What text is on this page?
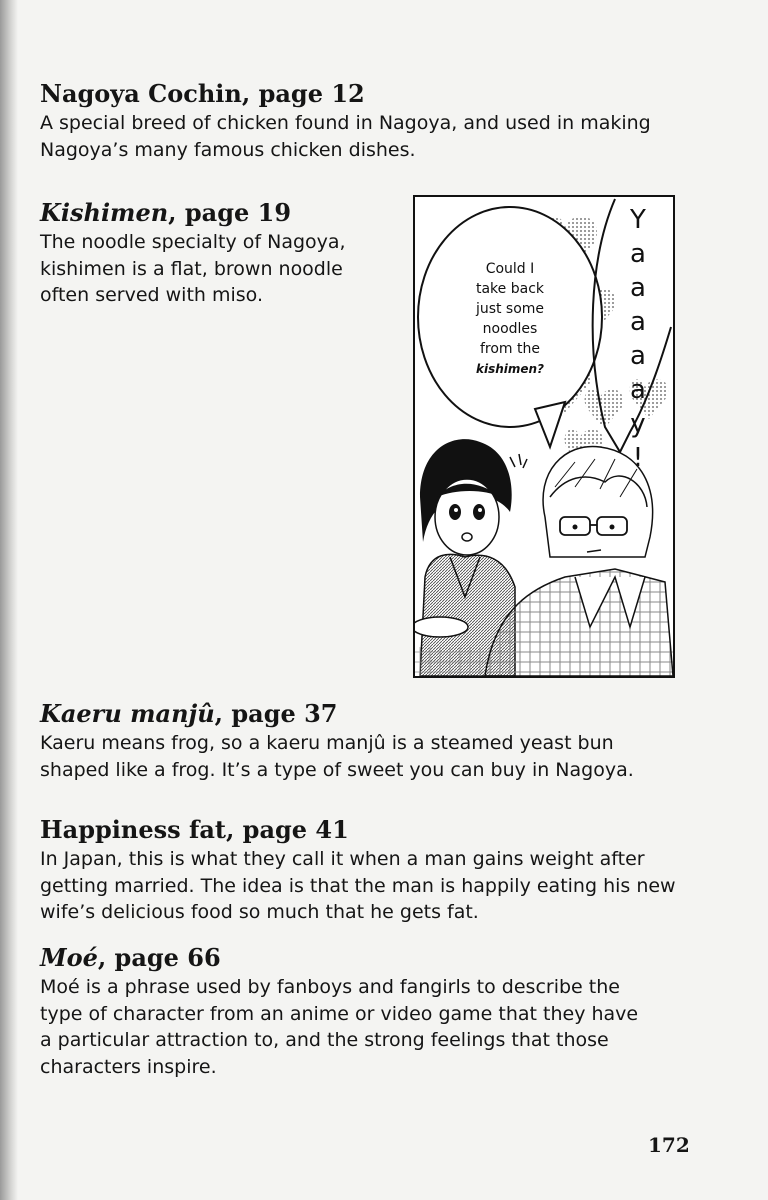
Nagoya Cochin, page 12

A special breed of chicken found in Nagoya, and used in making
Nagoya’s many famous chicken dishes.

Kishimen, page 19

The noodle specialty of Nagoya,
kishimen is a flat, brown noodle
often served with miso.

Could I
take back
just some
noodles
from the
kishimen?
Y
a
a
a
a
a
y
!

Kaeru manjû, page 37

Kaeru means frog, so a kaeru manjû is a steamed yeast bun
shaped like a frog. It’s a type of sweet you can buy in Nagoya.

Happiness fat, page 41

In Japan, this is what they call it when a man gains weight after
getting married. The idea is that the man is happily eating his new
wife’s delicious food so much that he gets fat.

Moé, page 66

Moé is a phrase used by fanboys and fangirls to describe the
type of character from an anime or video game that they have
a particular attraction to, and the strong feelings that those
characters inspire.

172
